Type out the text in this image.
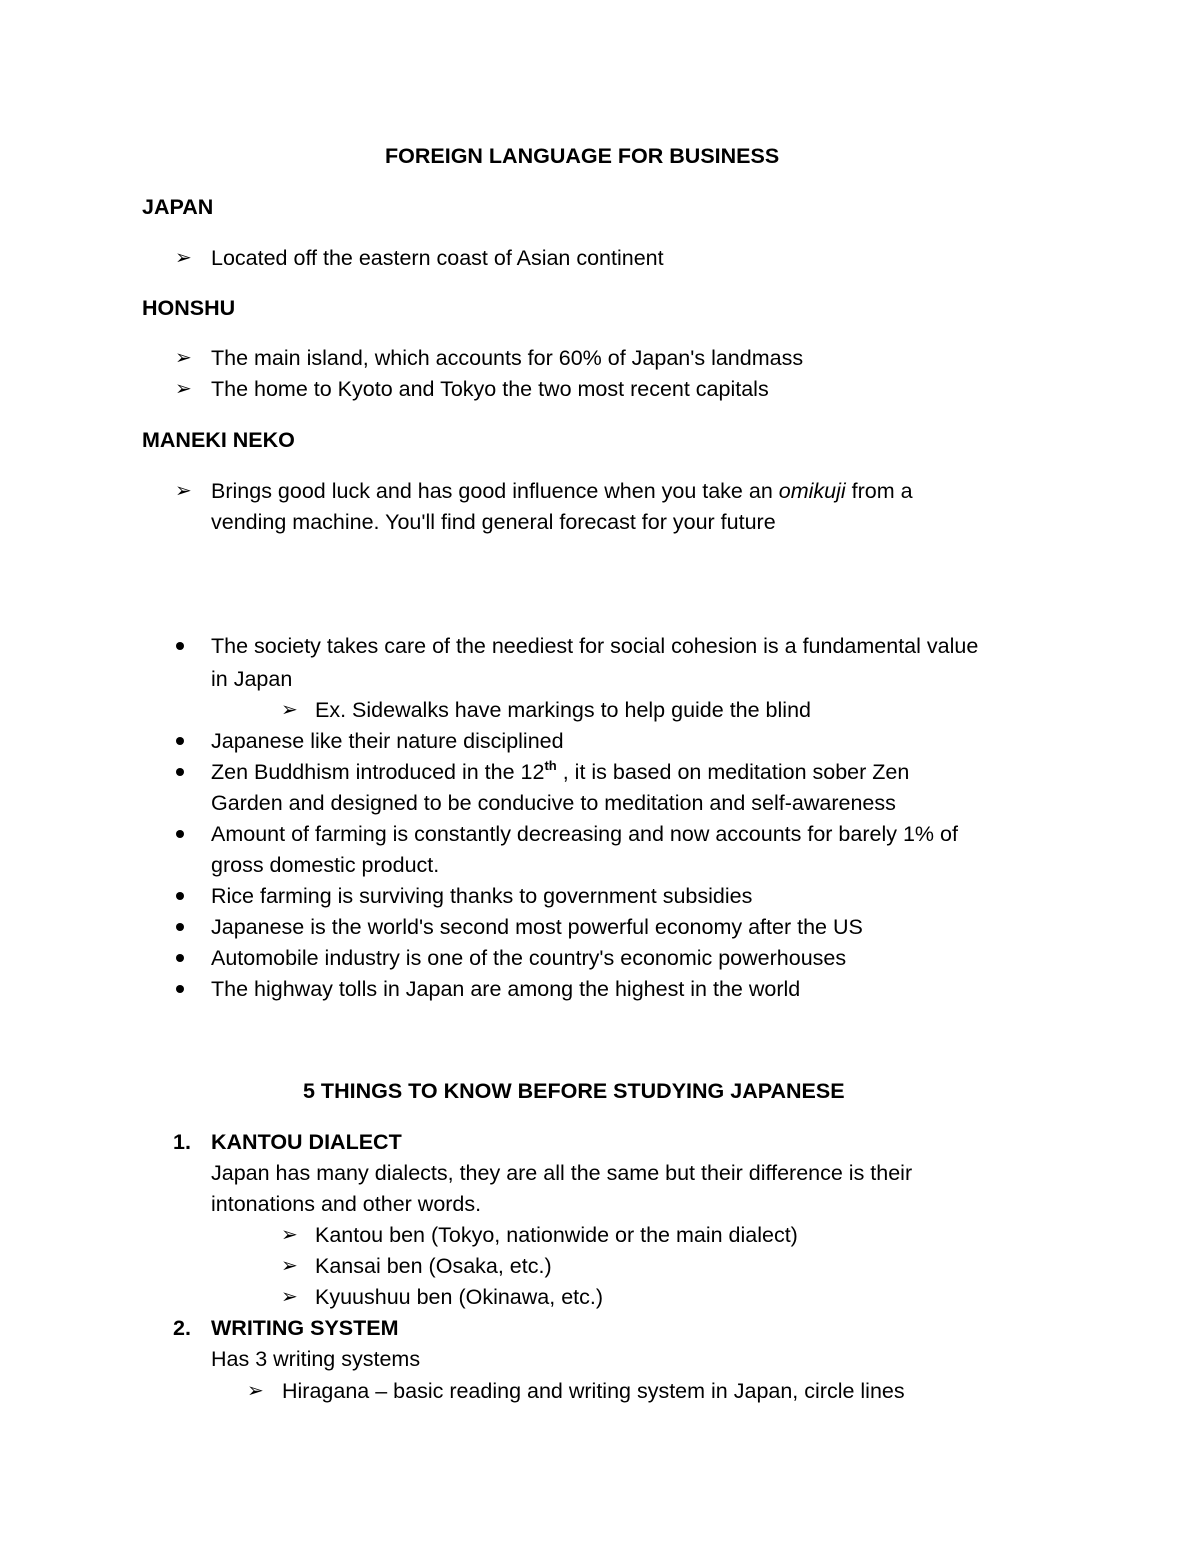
FOREIGN LANGUAGE FOR BUSINESS
JAPAN
➢ Located off the eastern coast of Asian continent
HONSHU
➢ The main island, which accounts for 60% of Japan's landmass
➢ The home to Kyoto and Tokyo the two most recent capitals
MANEKI NEKO
➢ Brings good luck and has good influence when you take an omikuji from a
vending machine. You'll find general forecast for your future
The society takes care of the neediest for social cohesion is a fundamental value
in Japan
➢ Ex. Sidewalks have markings to help guide the blind
Japanese like their nature disciplined
Zen Buddhism introduced in the 12th , it is based on meditation sober Zen
Garden and designed to be conducive to meditation and self-awareness
Amount of farming is constantly decreasing and now accounts for barely 1% of
gross domestic product.
Rice farming is surviving thanks to government subsidies
Japanese is the world's second most powerful economy after the US
Automobile industry is one of the country's economic powerhouses
The highway tolls in Japan are among the highest in the world
5 THINGS TO KNOW BEFORE STUDYING JAPANESE
1. KANTOU DIALECT
Japan has many dialects, they are all the same but their difference is their
intonations and other words.
➢ Kantou ben (Tokyo, nationwide or the main dialect)
➢ Kansai ben (Osaka, etc.)
➢ Kyuushuu ben (Okinawa, etc.)
2. WRITING SYSTEM
Has 3 writing systems
➢ Hiragana – basic reading and writing system in Japan, circle lines
